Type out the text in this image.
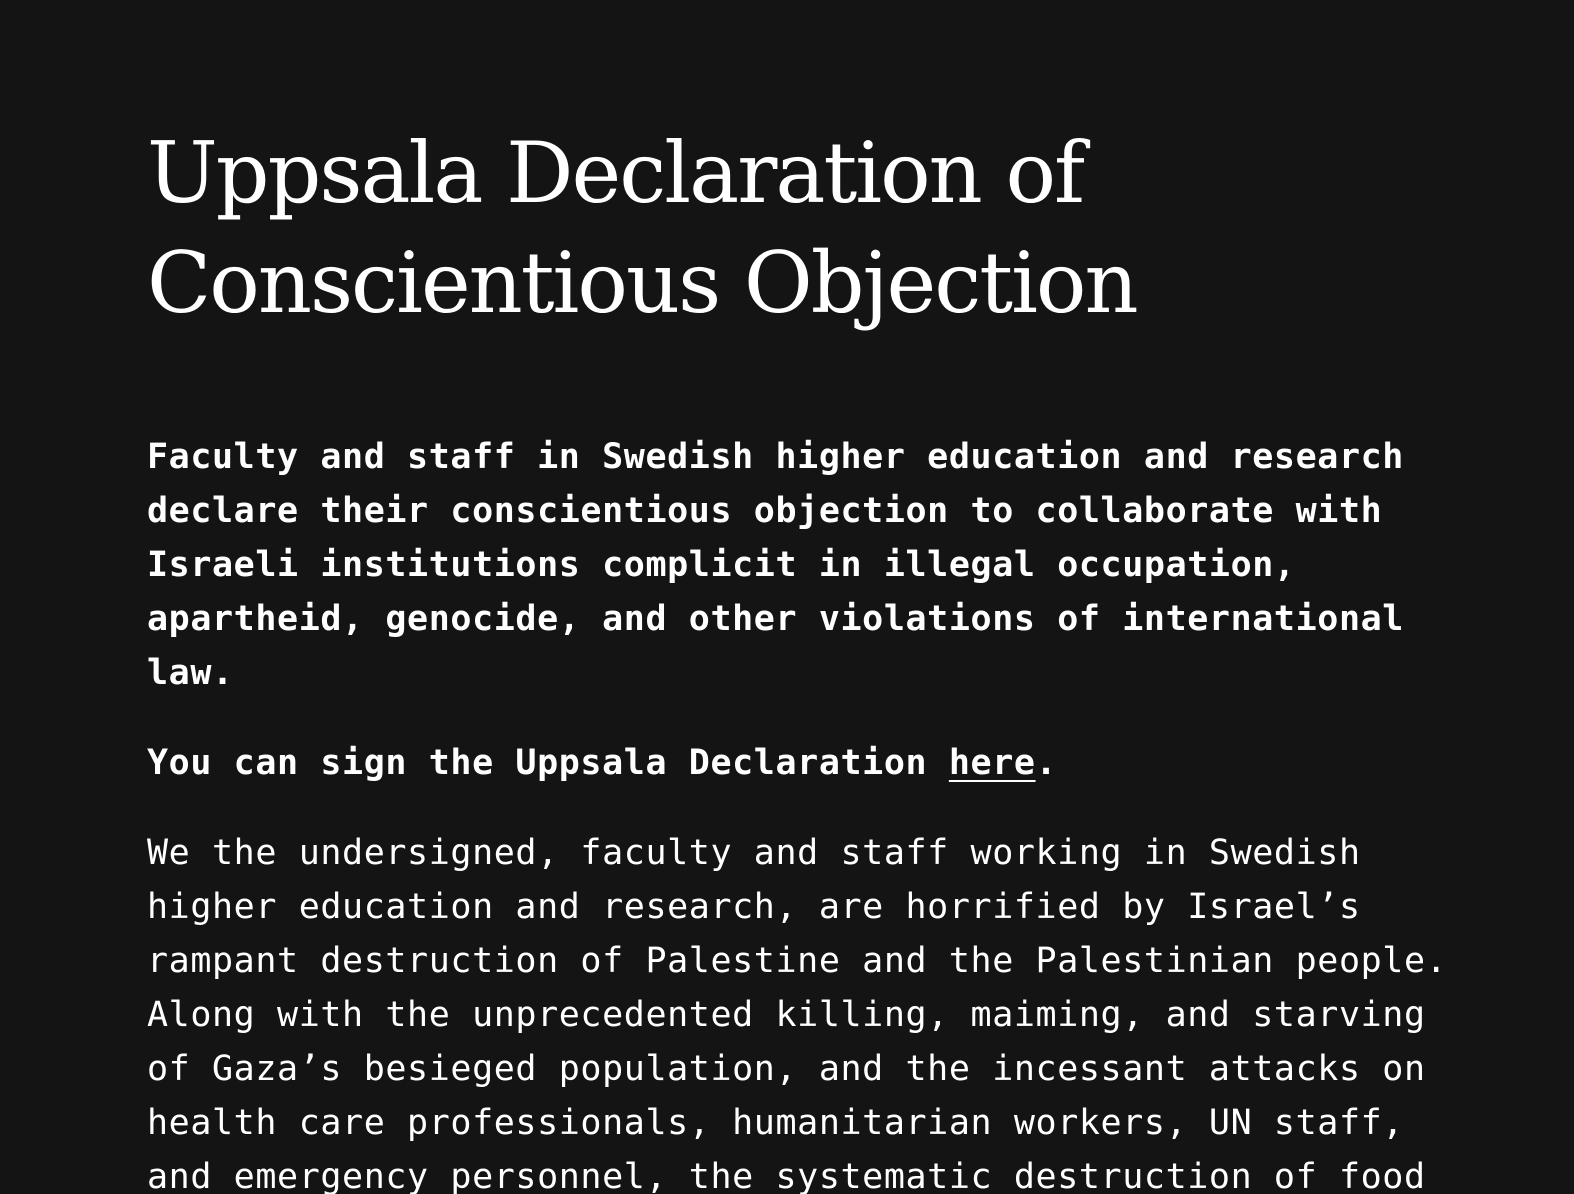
Uppsala Declaration of
Conscientious Objection

Faculty and staff in Swedish higher education and research
declare their conscientious objection to collaborate with
Israeli institutions complicit in illegal occupation,
apartheid, genocide, and other violations of international
law.

You can sign the Uppsala Declaration here.

We the undersigned, faculty and staff working in Swedish
higher education and research, are horrified by Israel’s
rampant destruction of Palestine and the Palestinian people.
Along with the unprecedented killing, maiming, and starving
of Gaza’s besieged population, and the incessant attacks on
health care professionals, humanitarian workers, UN staff,
and emergency personnel, the systematic destruction of food
